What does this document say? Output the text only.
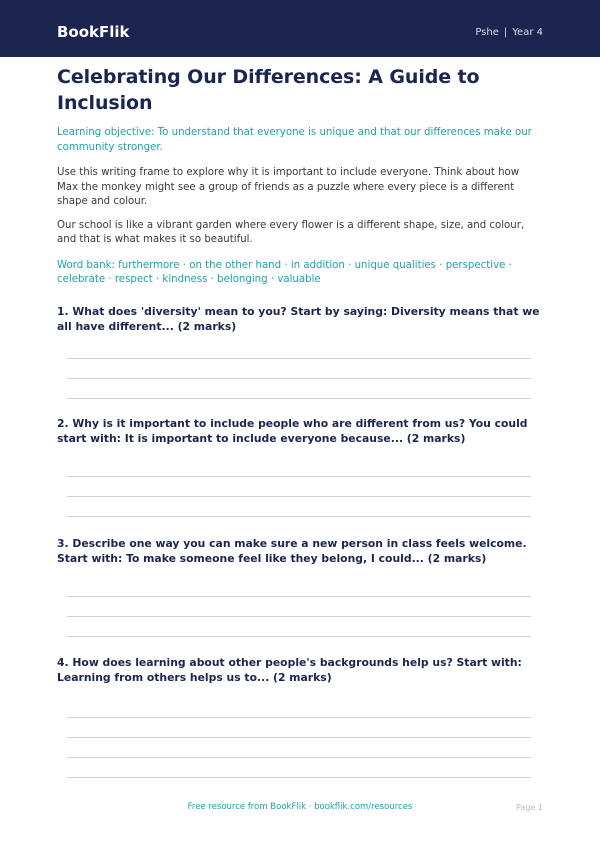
BookFlik	Pshe | Year 4
Celebrating Our Differences: A Guide to Inclusion

Learning objective: To understand that everyone is unique and that our differences make our community stronger.

Use this writing frame to explore why it is important to include everyone. Think about how Max the monkey might see a group of friends as a puzzle where every piece is a different shape and colour.

Our school is like a vibrant garden where every flower is a different shape, size, and colour, and that is what makes it so beautiful.

Word bank: furthermore · on the other hand · in addition · unique qualities · perspective · celebrate · respect · kindness · belonging · valuable

1. What does 'diversity' mean to you? Start by saying: Diversity means that we all have different... (2 marks)

2. Why is it important to include people who are different from us? You could start with: It is important to include everyone because... (2 marks)

3. Describe one way you can make sure a new person in class feels welcome. Start with: To make someone feel like they belong, I could... (2 marks)

4. How does learning about other people's backgrounds help us? Start with: Learning from others helps us to... (2 marks)

Free resource from BookFlik · bookflik.com/resources	Page 1
